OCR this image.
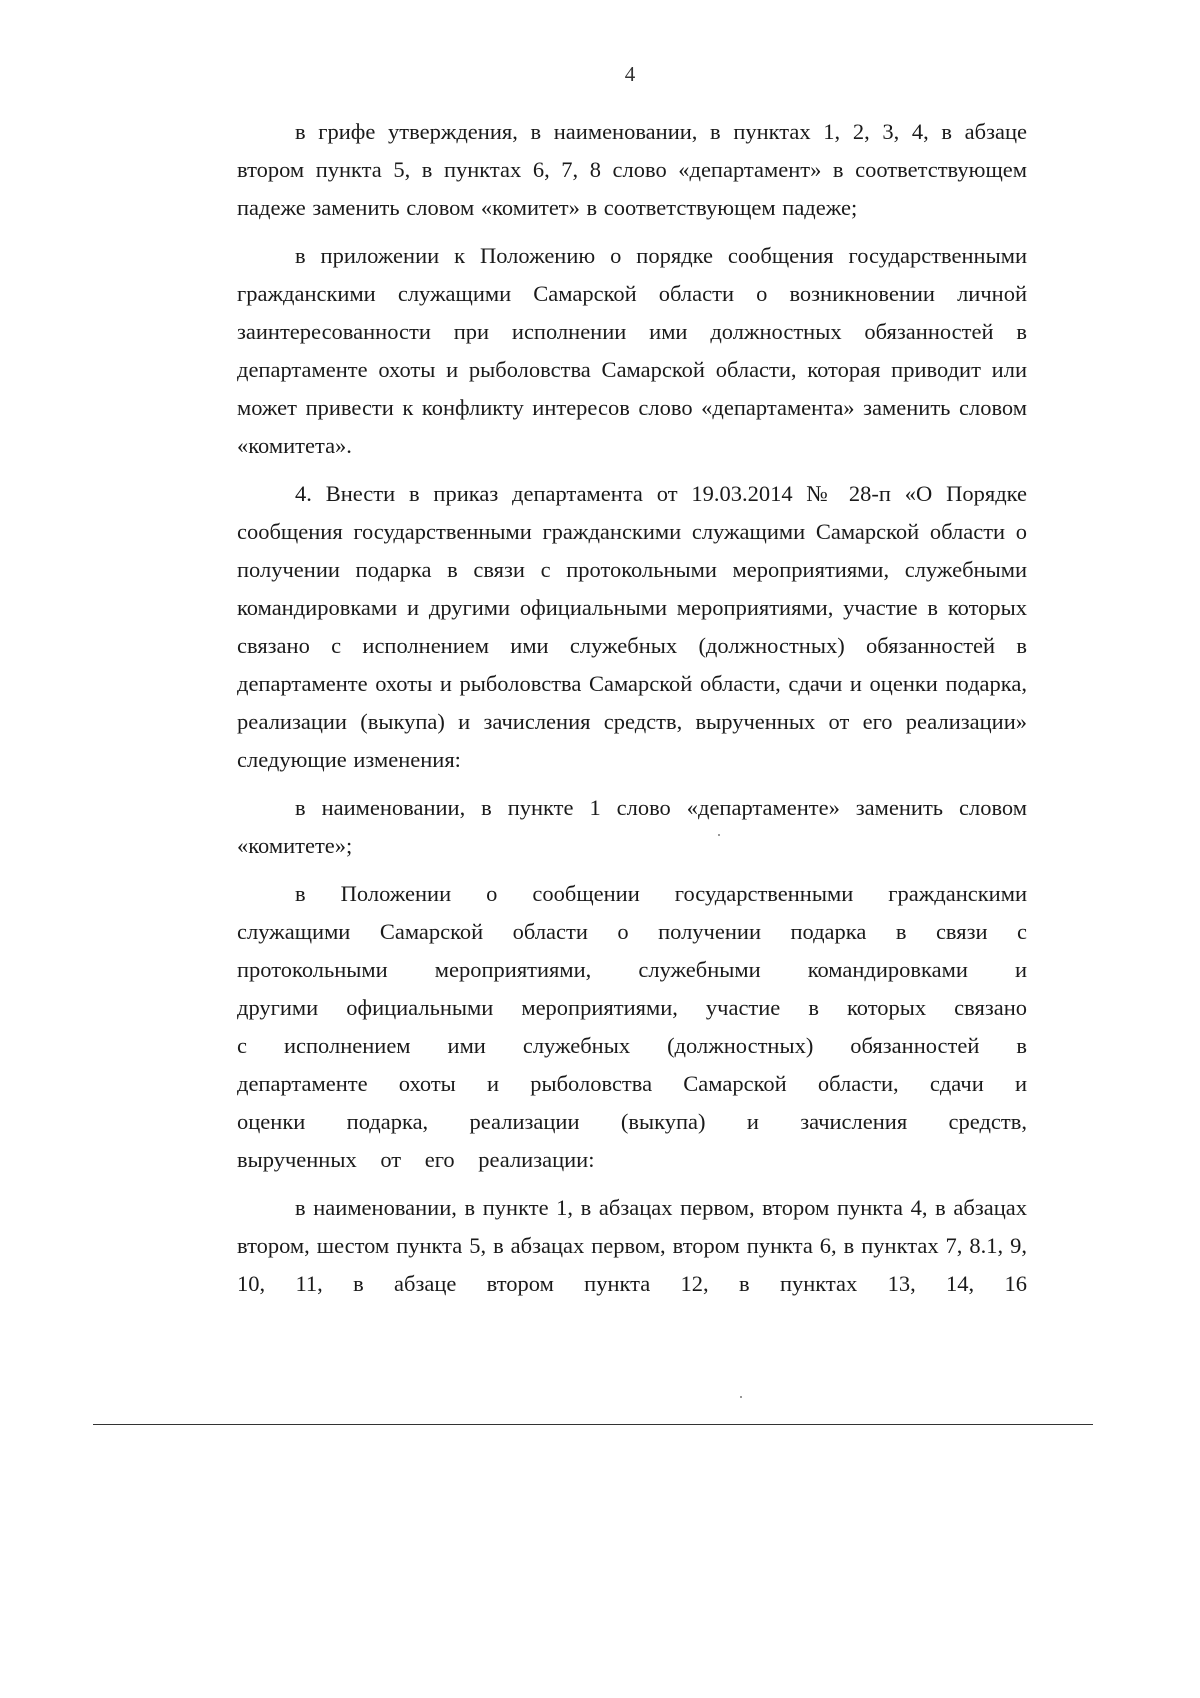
4

в грифе утверждения, в наименовании, в пунктах 1, 2, 3, 4, в абзаце втором пункта 5, в пунктах 6, 7, 8 слово «департамент» в соответствующем падеже заменить словом «комитет» в соответствующем падеже;

в приложении к Положению о порядке сообщения государственными гражданскими служащими Самарской области о возникновении личной заинтересованности при исполнении ими должностных обязанностей в департаменте охоты и рыболовства Самарской области, которая приводит или может привести к конфликту интересов слово «департамента» заменить словом «комитета».

4. Внести в приказ департамента от 19.03.2014 № 28-п «О Порядке сообщения государственными гражданскими служащими Самарской области о получении подарка в связи с протокольными мероприятиями, служебными командировками и другими официальными мероприятиями, участие в которых связано с исполнением ими служебных (должностных) обязанностей в департаменте охоты и рыболовства Самарской области, сдачи и оценки подарка, реализации (выкупа) и зачисления средств, вырученных от его реализации» следующие изменения:

в наименовании, в пункте 1 слово «департаменте» заменить словом «комитете»;

в Положении о сообщении государственными гражданскими служащими Самарской области о получении подарка в связи с протокольными мероприятиями, служебными командировками и другими официальными мероприятиями, участие в которых связано с исполнением ими служебных (должностных) обязанностей в департаменте охоты и рыболовства Самарской области, сдачи и оценки подарка, реализации (выкупа) и зачисления средств, вырученных от его реализации:

в наименовании, в пункте 1, в абзацах первом, втором пункта 4, в абзацах втором, шестом пункта 5, в абзацах первом, втором пункта 6, в пунктах 7, 8.1, 9, 10, 11, в абзаце втором пункта 12, в пунктах 13, 14, 16
